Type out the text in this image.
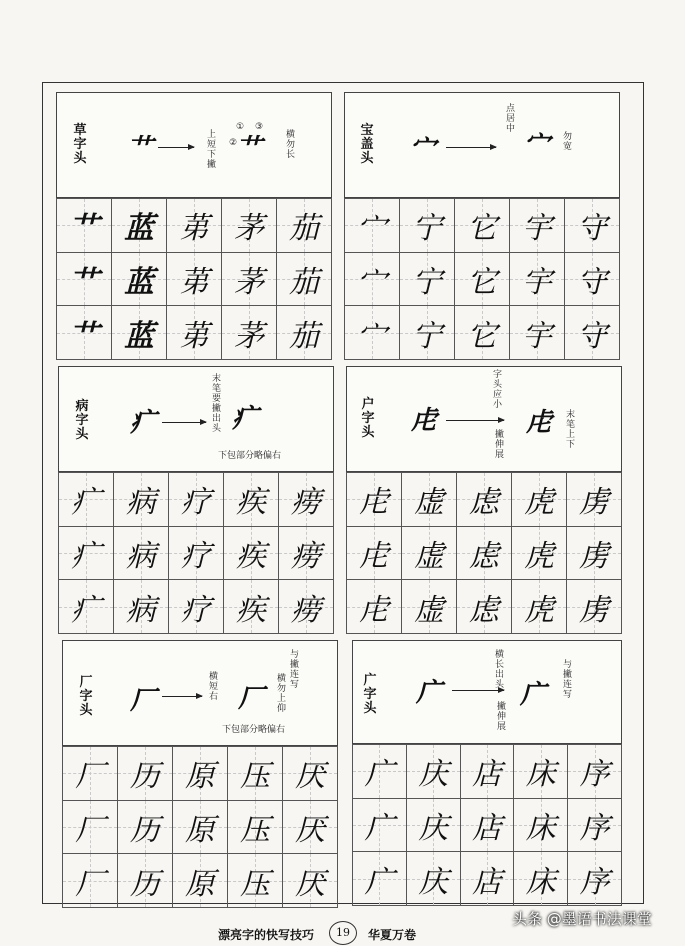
草字头 艹	艹
上短下撇
①
②
③
横勿长
艹 蓝 苐 茅 茄
艹 蓝 苐 茅 茄
艹 蓝 苐 茅 茄
宝盖头 宀	宀
点居中
勿宽
宀 宁 它 宇 守
宀 宁 它 宇 守
宀 宁 它 宇 守
病字头 疒	疒
末笔要撇出头
下包部分略偏右
疒 病 疗 疾 痨
疒 病 疗 疾 痨
疒 病 疗 疾 痨
户字头 虍	虍
字头应小
末笔上下
撇伸展
虍 虚 虑 虎 虏
虍 虚 虑 虎 虏
虍 虚 虑 虎 虏
厂字头 厂	厂
横短右
与撇连写
横勿上仰
下包部分略偏右
厂 历 原 压 厌
厂 历 原 压 厌
厂 历 原 压 厌
广字头
广	广
横长出头
与撇连写
撇伸展
广 庆 店 床 序
广 庆 店 床 序
广 庆 店 床 序
漂亮字的快写技巧	19	华夏万卷
头条 @墨语书法课堂
